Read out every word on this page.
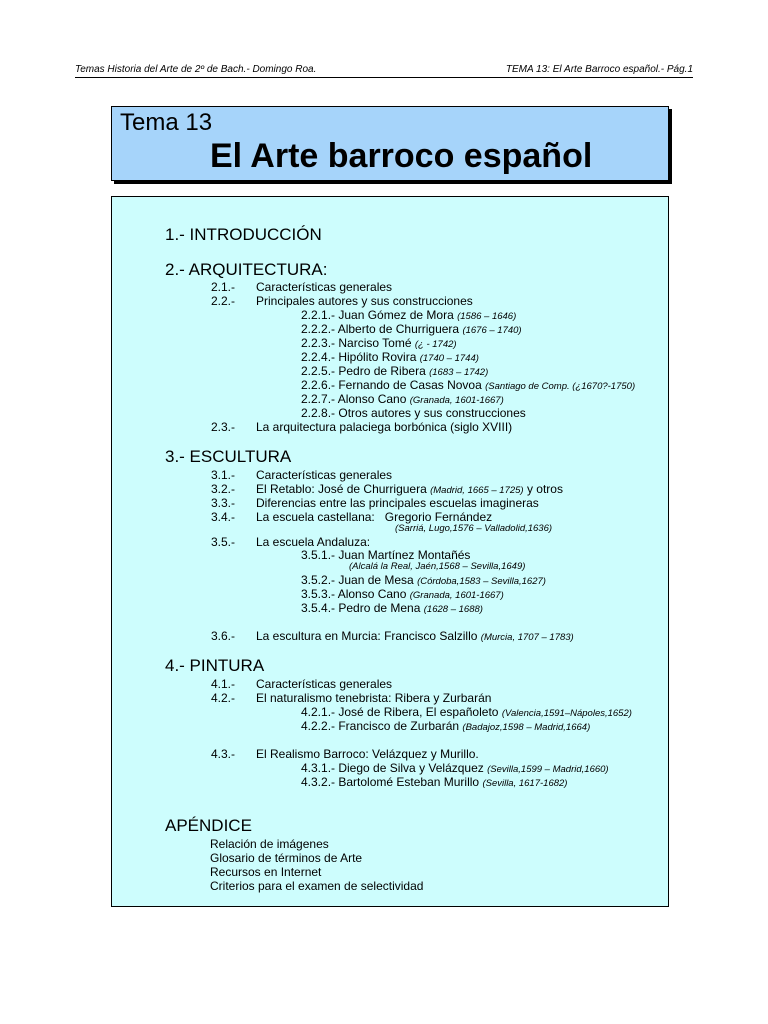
Temas Historia del Arte de 2º de Bach.- Domingo Roa.	TEMA 13: El Arte Barroco español.- Pág.1
Tema 13
El Arte barroco español
1.- INTRODUCCIÓN
2.- ARQUITECTURA:
2.1.- Características generales
2.2.- Principales autores y sus construcciones
2.2.1.- Juan Gómez de Mora (1586 – 1646)
2.2.2.- Alberto de Churriguera (1676 – 1740)
2.2.3.- Narciso Tomé (¿ - 1742)
2.2.4.- Hipólito Rovira (1740 – 1744)
2.2.5.- Pedro de Ribera (1683 – 1742)
2.2.6.- Fernando de Casas Novoa (Santiago de Comp. (¿1670?-1750)
2.2.7.- Alonso Cano (Granada, 1601-1667)
2.2.8.- Otros autores y sus construcciones
2.3.- La arquitectura palaciega borbónica (siglo XVIII)
3.- ESCULTURA
3.1.- Características generales
3.2.- El Retablo: José de Churriguera (Madrid, 1665 – 1725) y otros
3.3.- Diferencias entre las principales escuelas imagineras
3.4.- La escuela castellana:   Gregorio Fernández
(Sarriá, Lugo,1576 – Valladolid,1636)
3.5.- La escuela Andaluza:
3.5.1.- Juan Martínez Montañés
(Alcalá la Real, Jaén,1568 – Sevilla,1649)
3.5.2.- Juan de Mesa (Córdoba,1583 – Sevilla,1627)
3.5.3.- Alonso Cano (Granada, 1601-1667)
3.5.4.- Pedro de Mena (1628 – 1688)
3.6.- La escultura en Murcia: Francisco Salzillo (Murcia, 1707 – 1783)
4.- PINTURA
4.1.- Características generales
4.2.- El naturalismo tenebrista: Ribera y Zurbarán
4.2.1.- José de Ribera, El españoleto (Valencia,1591–Nápoles,1652)
4.2.2.- Francisco de Zurbarán (Badajoz,1598 – Madrid,1664)
4.3.- El Realismo Barroco: Velázquez y Murillo.
4.3.1.- Diego de Silva y Velázquez (Sevilla,1599 – Madrid,1660)
4.3.2.- Bartolomé Esteban Murillo (Sevilla, 1617-1682)
APÉNDICE
Relación de imágenes
Glosario de términos de Arte
Recursos en Internet
Criterios para el examen de selectividad
